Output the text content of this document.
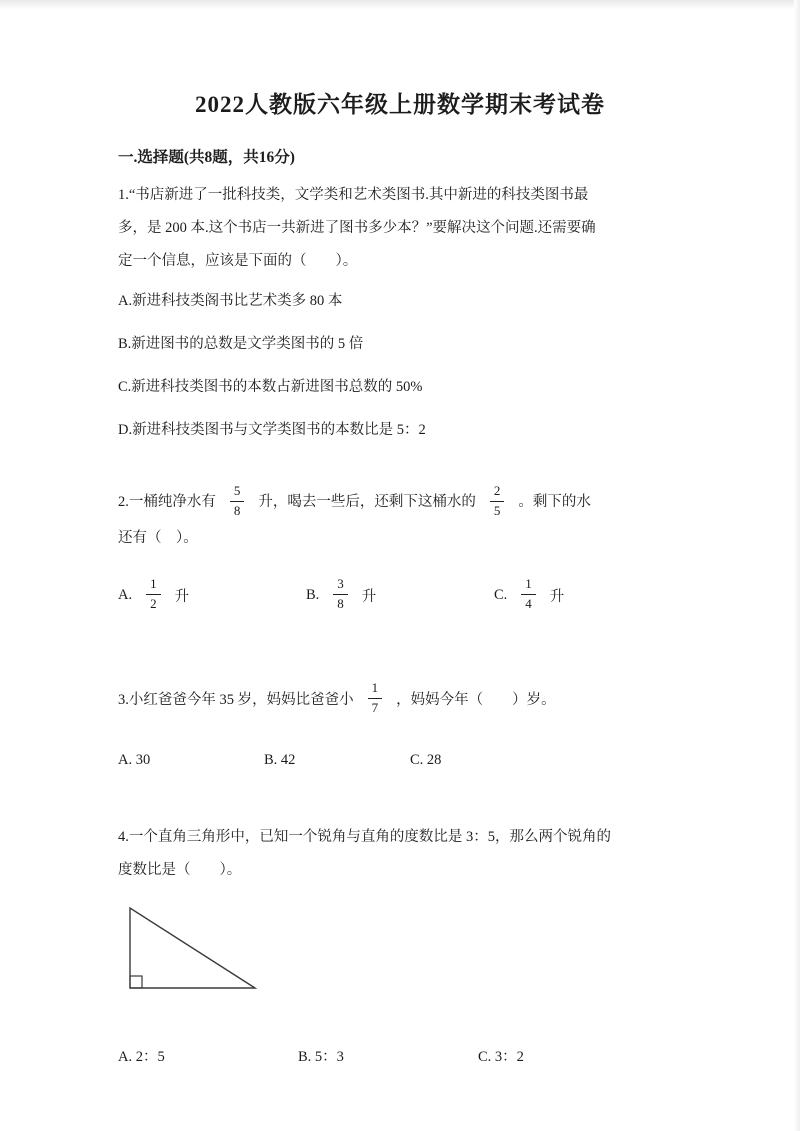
2022人教版六年级上册数学期末考试卷
一.选择题(共8题，共16分)
1.“书店新进了一批科技类，文学类和艺术类图书.其中新进的科技类图书最
多，是 200 本.这个书店一共新进了图书多少本？”要解决这个问题.还需要确
定一个信息，应该是下面的（　　）。
A.新进科技类阁书比艺术类多 80 本
B.新进图书的总数是文学类图书的 5 倍
C.新进科技类图书的本数占新进图书总数的 50%
D.新进科技类图书与文学类图书的本数比是 5：2
2.一桶纯净水有 $\frac{5}{8}$ 升，喝去一些后，还剩下这桶水的 $\frac{2}{5}$ 。剩下的水
还有（　）。
A. $\frac{1}{2}$ 升	B. $\frac{3}{8}$ 升	C. $\frac{1}{4}$ 升
3.小红爸爸今年 35 岁，妈妈比爸爸小 $\frac{1}{7}$ ，妈妈今年（　　）岁。
A. 30	B. 42	C. 28
4.一个直角三角形中，已知一个锐角与直角的度数比是 3：5，那么两个锐角的
度数比是（　　）。
A. 2：5	B. 5：3	C. 3：2
